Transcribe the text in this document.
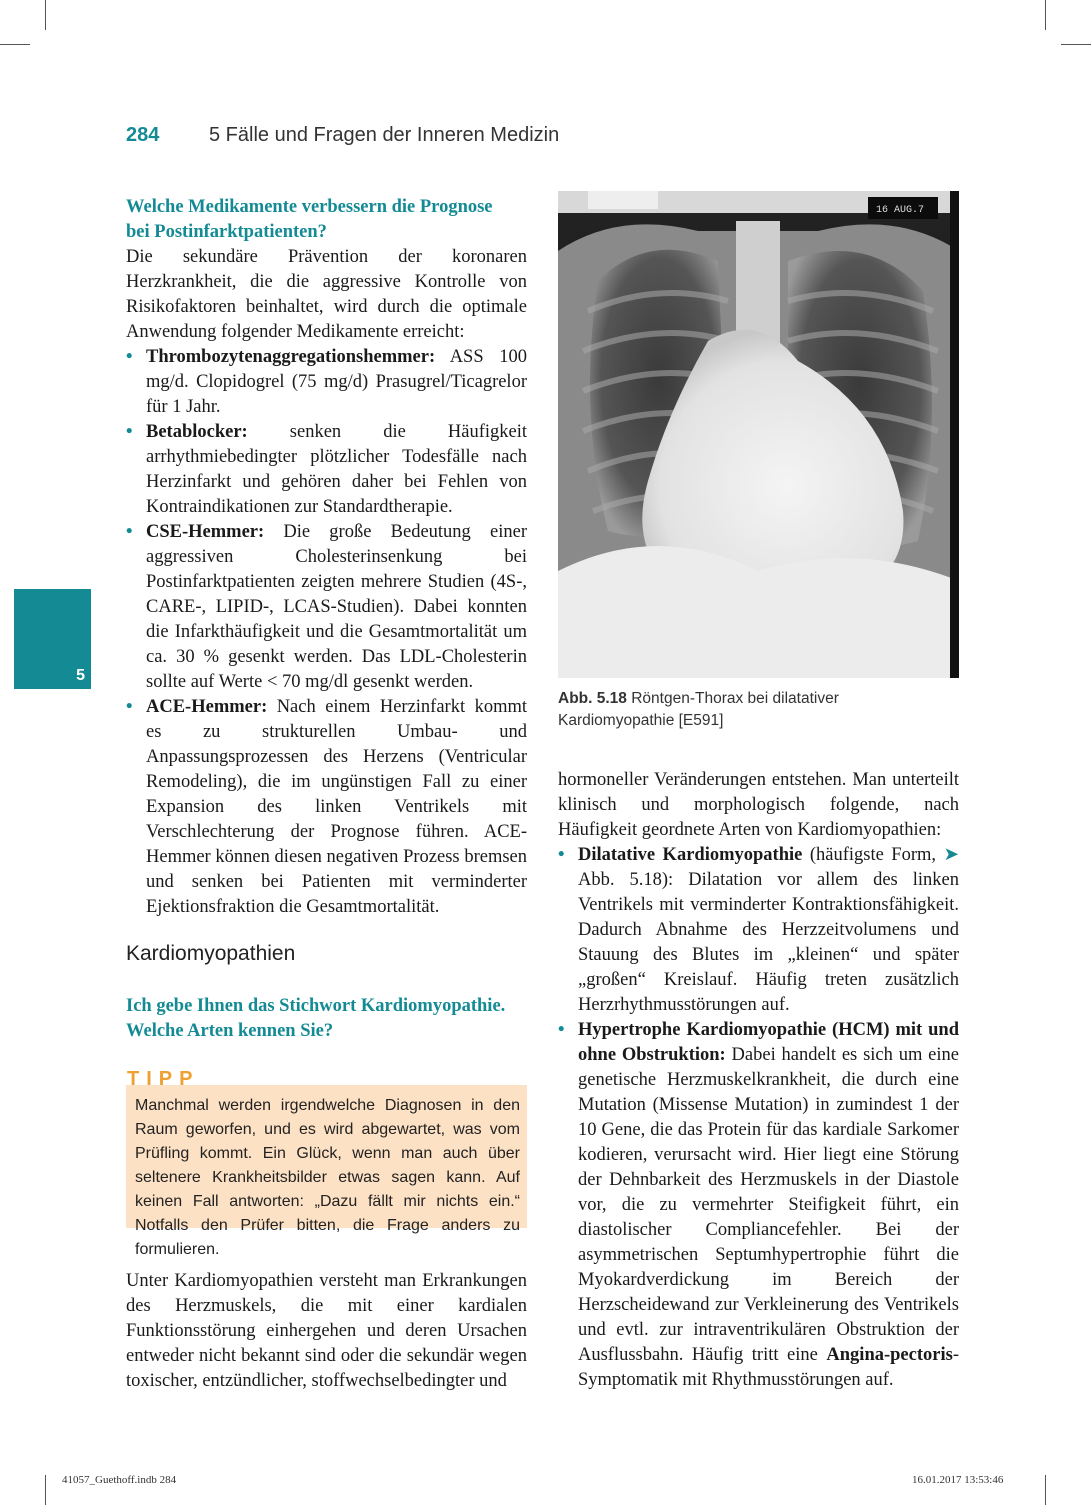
284 5 Fälle und Fragen der Inneren Medizin
5

Welche Medikamente verbessern die Prognose
bei Postinfarktpatienten?

Die sekundäre Prävention der koronaren Herzkrankheit, die die aggressive Kontrolle von Risikofaktoren beinhaltet, wird durch die optimale Anwendung folgender Medikamente erreicht:

• Thrombozytenaggregationshemmer: ASS 100 mg/d. Clopidogrel (75 mg/d) Prasugrel/Ticagrelor für 1 Jahr.
• Betablocker: senken die Häufigkeit arrhythmiebedingter plötzlicher Todesfälle nach Herzinfarkt und gehören daher bei Fehlen von Kontraindikationen zur Standardtherapie.
• CSE-Hemmer: Die große Bedeutung einer aggressiven Cholesterinsenkung bei Postinfarktpatienten zeigten mehrere Studien (4S-, CARE-, LIPID-, LCAS-Studien). Dabei konnten die Infarkthäufigkeit und die Gesamtmortalität um ca. 30 % gesenkt werden. Das LDL-Cholesterin sollte auf Werte < 70 mg/dl gesenkt werden.
• ACE-Hemmer: Nach einem Herzinfarkt kommt es zu strukturellen Umbau- und Anpassungsprozessen des Herzens (Ventricular Remodeling), die im ungünstigen Fall zu einer Expansion des linken Ventrikels mit Verschlechterung der Prognose führen. ACE-Hemmer können diesen negativen Prozess bremsen und senken bei Patienten mit verminderter Ejektionsfraktion die Gesamtmortalität.
Kardiomyopathien

Ich gebe Ihnen das Stichwort Kardiomyopathie.
Welche Arten kennen Sie?

TIPP
Manchmal werden irgendwelche Diagnosen in den Raum geworfen, und es wird abgewartet, was vom Prüfling kommt. Ein Glück, wenn man auch über seltenere Krankheitsbilder etwas sagen kann. Auf keinen Fall antworten: „Dazu fällt mir nichts ein.“ Notfalls den Prüfer bitten, die Frage anders zu formulieren.

Unter Kardiomyopathien versteht man Erkrankungen des Herzmuskels, die mit einer kardialen Funktionsstörung einhergehen und deren Ursachen entweder nicht bekannt sind oder die sekundär wegen toxischer, entzündlicher, stoffwechselbedingter und

16 AUG.7
Abb. 5.18 Röntgen-Thorax bei dilatativer Kardiomyopathie [E591]

hormoneller Veränderungen entstehen. Man unterteilt klinisch und morphologisch folgende, nach Häufigkeit geordnete Arten von Kardiomyopathien:

• Dilatative Kardiomyopathie (häufigste Form, ➤ Abb. 5.18): Dilatation vor allem des linken Ventrikels mit verminderter Kontraktionsfähigkeit. Dadurch Abnahme des Herzzeitvolumens und Stauung des Blutes im „kleinen“ und später „großen“ Kreislauf. Häufig treten zusätzlich Herzrhythmusstörungen auf.
• Hypertrophe Kardiomyopathie (HCM) mit und ohne Obstruktion: Dabei handelt es sich um eine genetische Herzmuskelkrankheit, die durch eine Mutation (Missense Mutation) in zumindest 1 der 10 Gene, die das Protein für das kardiale Sarkomer kodieren, verursacht wird. Hier liegt eine Störung der Dehnbarkeit des Herzmuskels in der Diastole vor, die zu vermehrter Steifigkeit führt, ein diastolischer Compliancefehler. Bei der asymmetrischen Septumhypertrophie führt die Myokardverdickung im Bereich der Herzscheidewand zur Verkleinerung des Ventrikels und evtl. zur intraventrikulären Obstruktion der Ausflussbahn. Häufig tritt eine Angina-pectoris-Symptomatik mit Rhythmusstörungen auf.
41057_Guethoff.indb 284	16.01.2017 13:53:46
